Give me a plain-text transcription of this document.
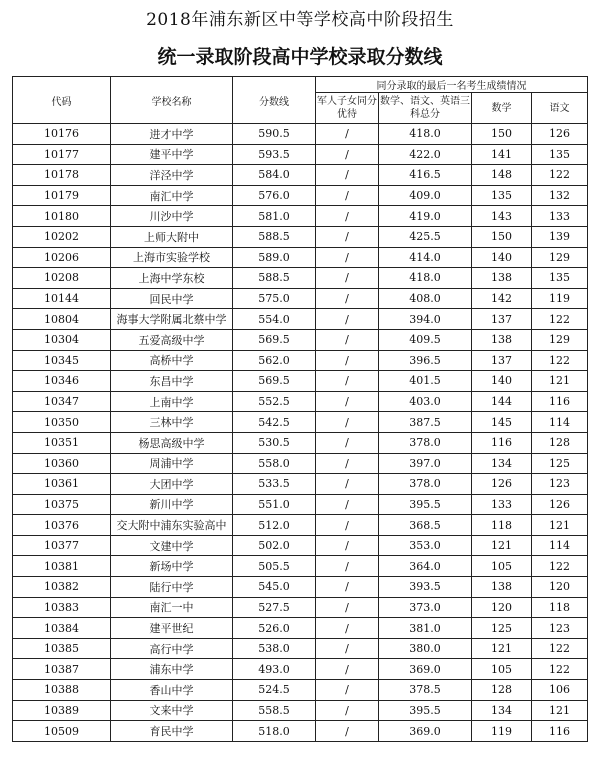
2018年浦东新区中等学校高中阶段招生
统一录取阶段高中学校录取分数线
代码	学校名称	分数线	同分录取的最后一名考生成绩情况			
			军人子女同分优待	数学、语文、英语三科总分	数学	语文
10176	进才中学	590.5	/	418.0	150	126
10177	建平中学	593.5	/	422.0	141	135
10178	洋泾中学	584.0	/	416.5	148	122
10179	南汇中学	576.0	/	409.0	135	132
10180	川沙中学	581.0	/	419.0	143	133
10202	上师大附中	588.5	/	425.5	150	139
10206	上海市实验学校	589.0	/	414.0	140	129
10208	上海中学东校	588.5	/	418.0	138	135
10144	回民中学	575.0	/	408.0	142	119
10804	海事大学附属北蔡中学	554.0	/	394.0	137	122
10304	五爱高级中学	569.5	/	409.5	138	129
10345	高桥中学	562.0	/	396.5	137	122
10346	东昌中学	569.5	/	401.5	140	121
10347	上南中学	552.5	/	403.0	144	116
10350	三林中学	542.5	/	387.5	145	114
10351	杨思高级中学	530.5	/	378.0	116	128
10360	周浦中学	558.0	/	397.0	134	125
10361	大团中学	533.5	/	378.0	126	123
10375	新川中学	551.0	/	395.5	133	126
10376	交大附中浦东实验高中	512.0	/	368.5	118	121
10377	文建中学	502.0	/	353.0	121	114
10381	新场中学	505.5	/	364.0	105	122
10382	陆行中学	545.0	/	393.5	138	120
10383	南汇一中	527.5	/	373.0	120	118
10384	建平世纪	526.0	/	381.0	125	123
10385	高行中学	538.0	/	380.0	121	122
10387	浦东中学	493.0	/	369.0	105	122
10388	香山中学	524.5	/	378.5	128	106
10389	文来中学	558.5	/	395.5	134	121
10509	育民中学	518.0	/	369.0	119	116
